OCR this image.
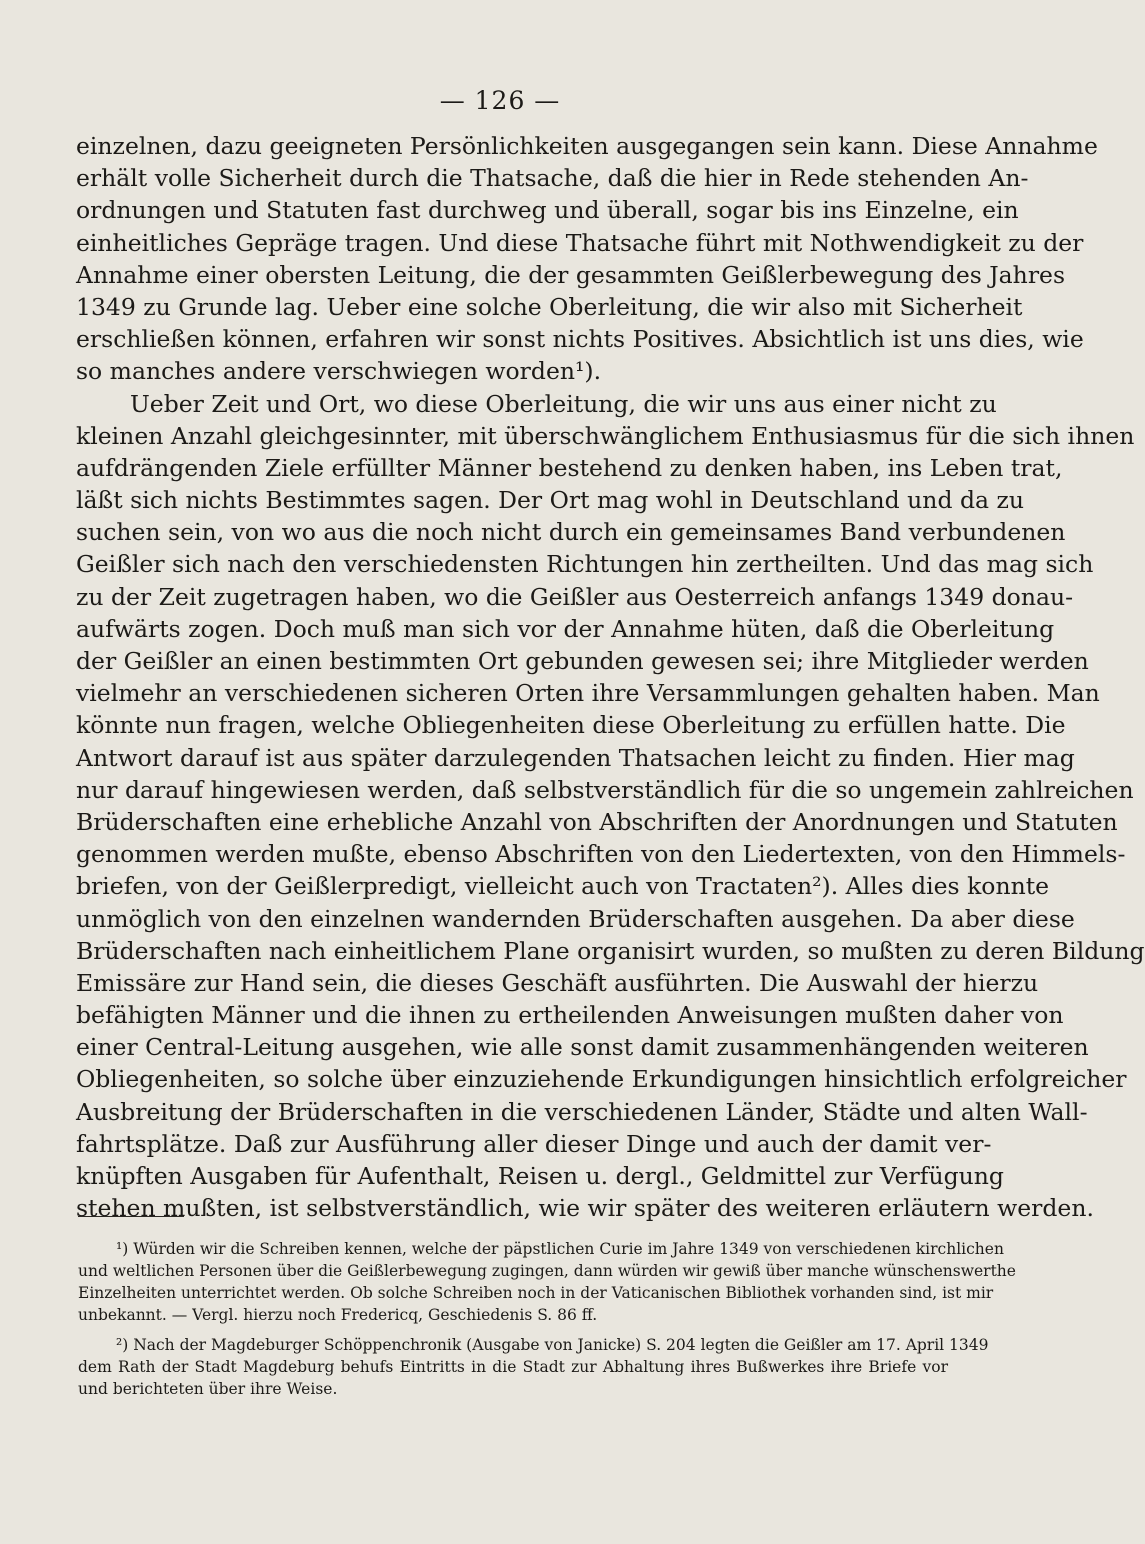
— 126 —
einzelnen, dazu geeigneten Persönlichkeiten ausgegangen sein kann. Diese Annahme
erhält volle Sicherheit durch die Thatsache, daß die hier in Rede stehenden An-
ordnungen und Statuten fast durchweg und überall, sogar bis ins Einzelne, ein
einheitliches Gepräge tragen. Und diese Thatsache führt mit Nothwendigkeit zu der
Annahme einer obersten Leitung, die der gesammten Geißlerbewegung des Jahres
1349 zu Grunde lag. Ueber eine solche Oberleitung, die wir also mit Sicherheit
erschließen können, erfahren wir sonst nichts Positives. Absichtlich ist uns dies, wie
so manches andere verschwiegen worden¹).
Ueber Zeit und Ort, wo diese Oberleitung, die wir uns aus einer nicht zu
kleinen Anzahl gleichgesinnter, mit überschwänglichem Enthusiasmus für die sich ihnen
aufdrängenden Ziele erfüllter Männer bestehend zu denken haben, ins Leben trat,
läßt sich nichts Bestimmtes sagen. Der Ort mag wohl in Deutschland und da zu
suchen sein, von wo aus die noch nicht durch ein gemeinsames Band verbundenen
Geißler sich nach den verschiedensten Richtungen hin zertheilten. Und das mag sich
zu der Zeit zugetragen haben, wo die Geißler aus Oesterreich anfangs 1349 donau-
aufwärts zogen. Doch muß man sich vor der Annahme hüten, daß die Oberleitung
der Geißler an einen bestimmten Ort gebunden gewesen sei; ihre Mitglieder werden
vielmehr an verschiedenen sicheren Orten ihre Versammlungen gehalten haben. Man
könnte nun fragen, welche Obliegenheiten diese Oberleitung zu erfüllen hatte. Die
Antwort darauf ist aus später darzulegenden Thatsachen leicht zu finden. Hier mag
nur darauf hingewiesen werden, daß selbstverständlich für die so ungemein zahlreichen
Brüderschaften eine erhebliche Anzahl von Abschriften der Anordnungen und Statuten
genommen werden mußte, ebenso Abschriften von den Liedertexten, von den Himmels-
briefen, von der Geißlerpredigt, vielleicht auch von Tractaten²). Alles dies konnte
unmöglich von den einzelnen wandernden Brüderschaften ausgehen. Da aber diese
Brüderschaften nach einheitlichem Plane organisirt wurden, so mußten zu deren Bildung
Emissäre zur Hand sein, die dieses Geschäft ausführten. Die Auswahl der hierzu
befähigten Männer und die ihnen zu ertheilenden Anweisungen mußten daher von
einer Central-Leitung ausgehen, wie alle sonst damit zusammenhängenden weiteren
Obliegenheiten, so solche über einzuziehende Erkundigungen hinsichtlich erfolgreicher
Ausbreitung der Brüderschaften in die verschiedenen Länder, Städte und alten Wall-
fahrtsplätze. Daß zur Ausführung aller dieser Dinge und auch der damit ver-
knüpften Ausgaben für Aufenthalt, Reisen u. dergl., Geldmittel zur Verfügung
stehen mußten, ist selbstverständlich, wie wir später des weiteren erläutern werden.
¹) Würden wir die Schreiben kennen, welche der päpstlichen Curie im Jahre 1349 von verschiedenen kirchlichen
und weltlichen Personen über die Geißlerbewegung zugingen, dann würden wir gewiß über manche wünschenswerthe
Einzelheiten unterrichtet werden. Ob solche Schreiben noch in der Vaticanischen Bibliothek vorhanden sind, ist mir
unbekannt. — Vergl. hierzu noch Fredericq, Geschiedenis S. 86 ff.
²) Nach der Magdeburger Schöppenchronik (Ausgabe von Janicke) S. 204 legten die Geißler am 17. April 1349
dem Rath der Stadt Magdeburg behufs Eintritts in die Stadt zur Abhaltung ihres Bußwerkes ihre Briefe vor
und berichteten über ihre Weise.
